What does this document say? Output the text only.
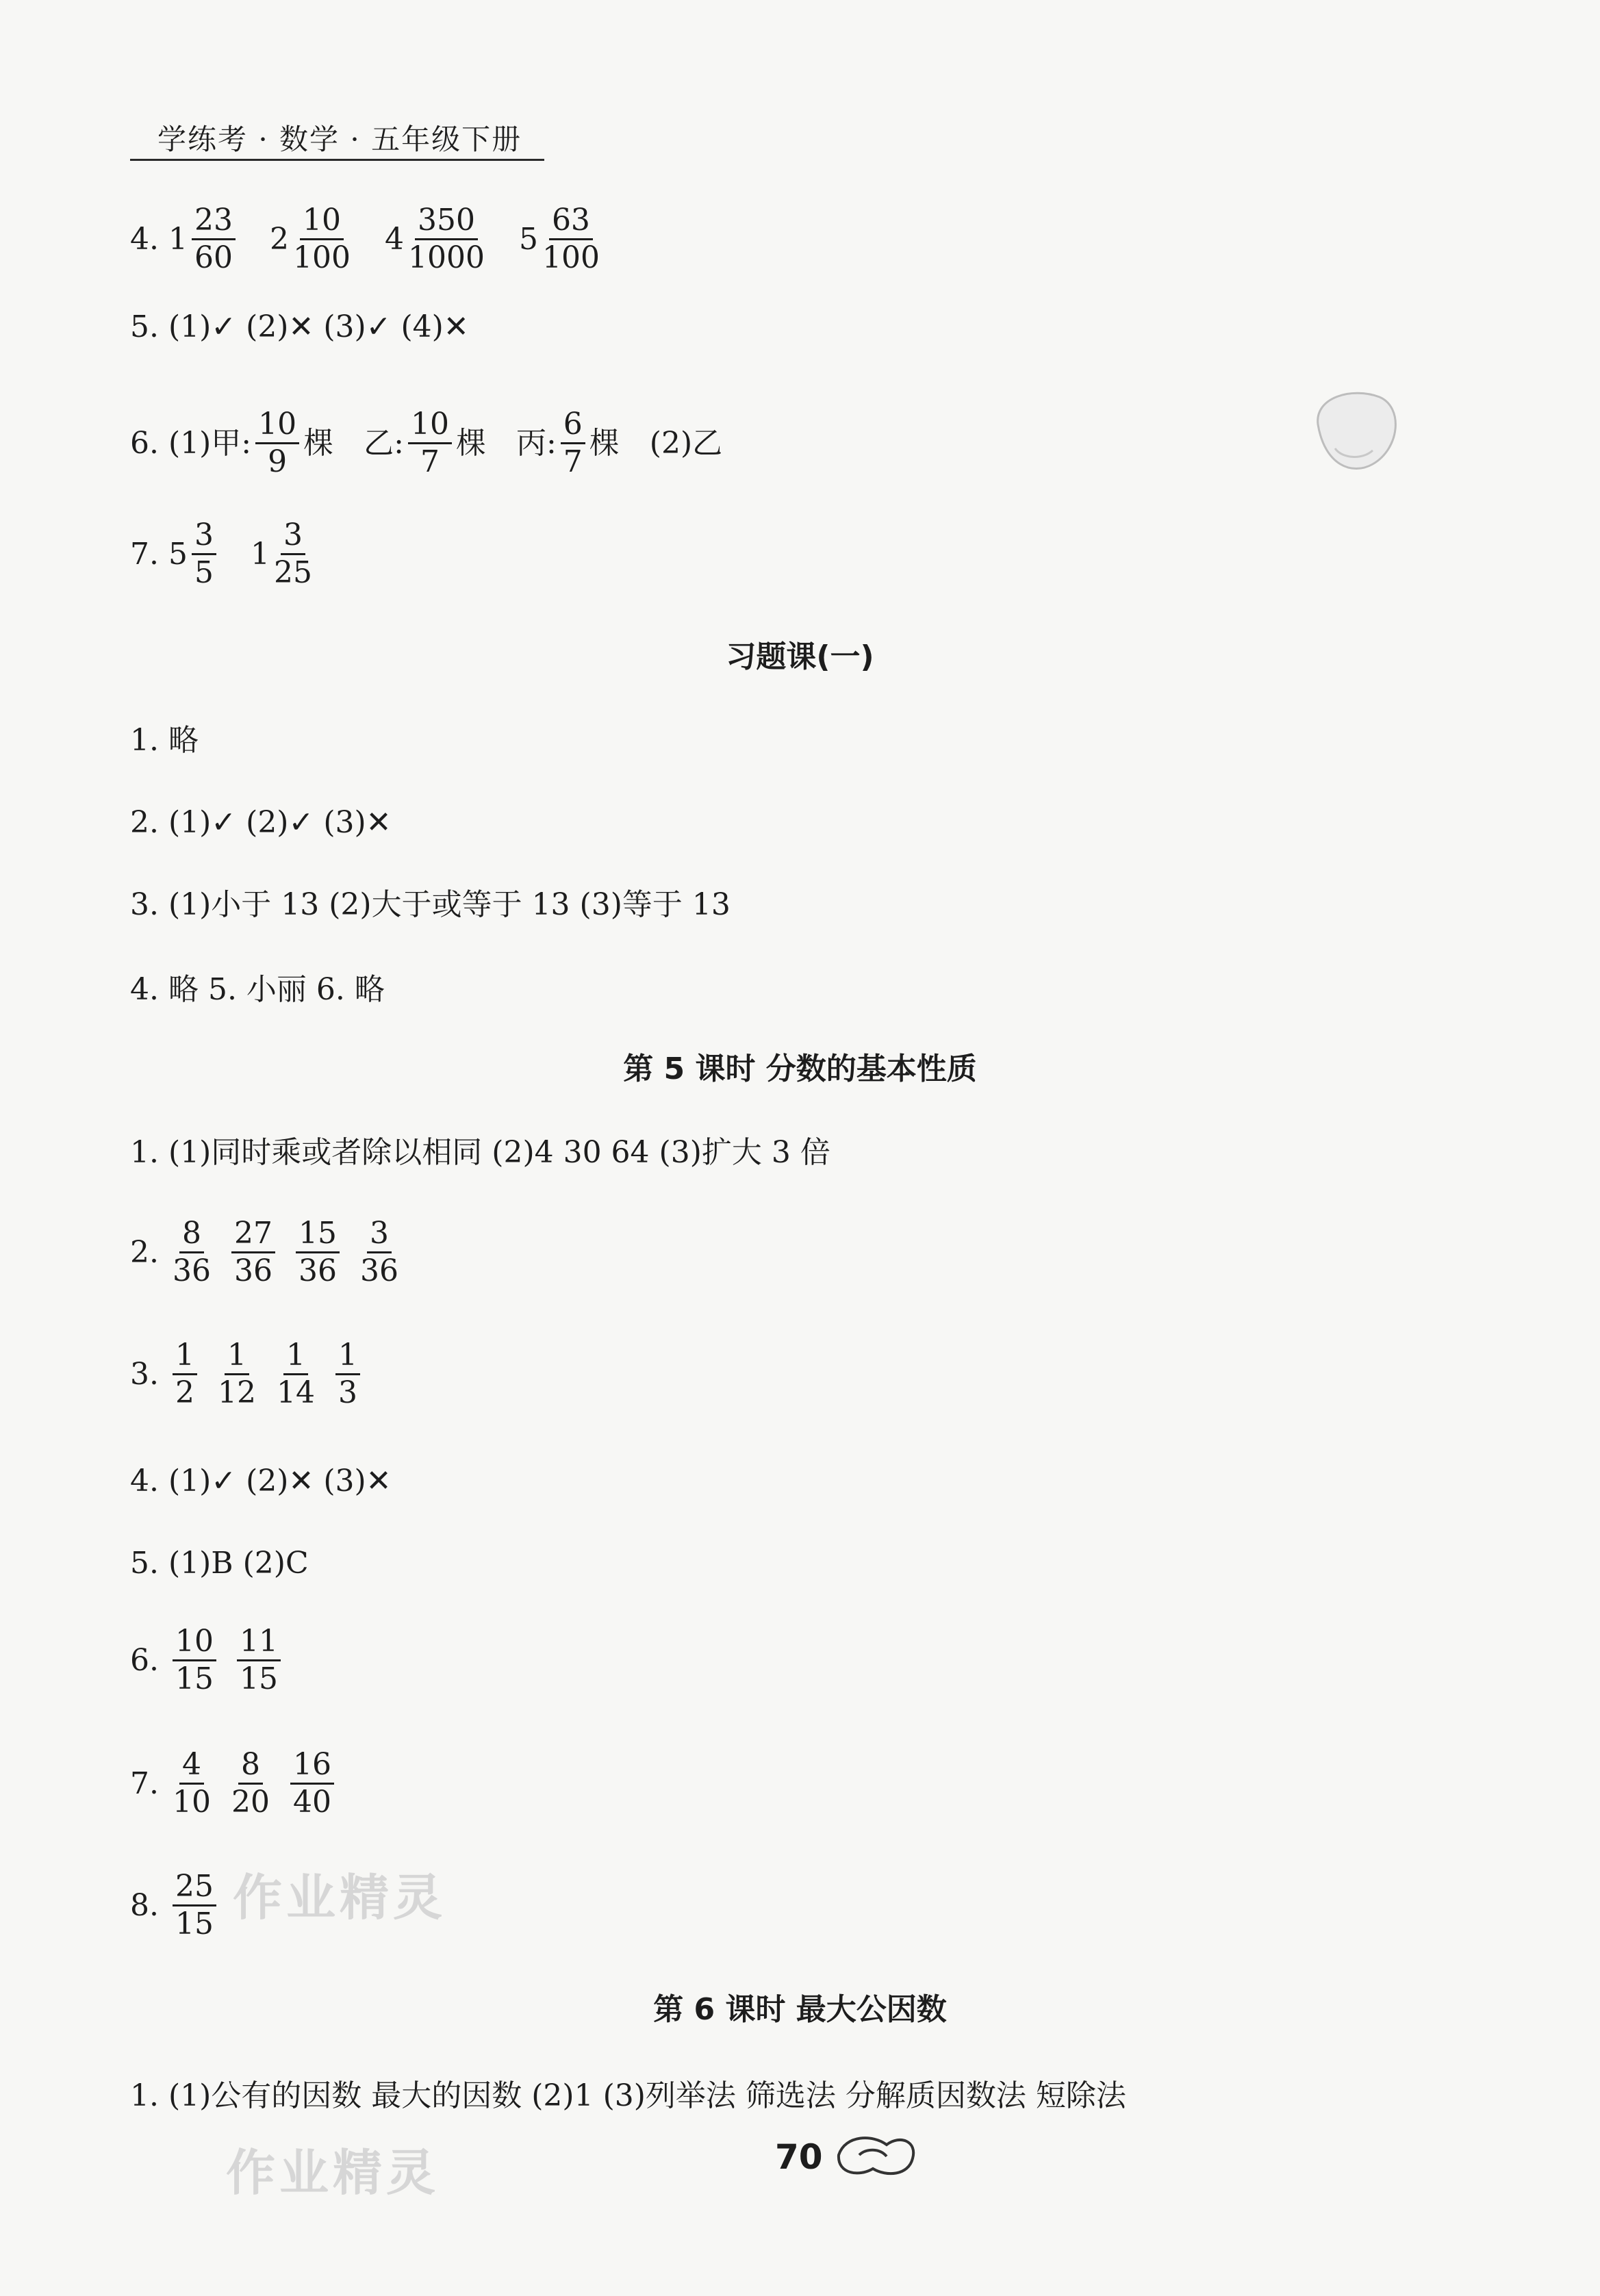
学练考 · 数学 · 五年级下册
4. $1 \frac{23}{60} 2 \frac{10}{100} 4 \frac{350}{1000} 5 \frac{63}{100}$
5. (1)✓ (2)✕ (3)✓ (4)✕
6. (1)甲: $\frac{10}{9}$ 棵 乙: $\frac{10}{7}$ 棵 丙: $\frac{6}{7}$ 棵 (2)乙
7. $5 \frac{3}{5} 1 \frac{3}{25}$
习题课(一)
1. 略
2. (1)✓ (2)✓ (3)✕
3. (1)小于 13 (2)大于或等于 13 (3)等于 13
4. 略 5. 小丽 6. 略
第 5 课时 分数的基本性质
1. (1)同时乘或者除以相同 (2)4 30 64 (3)扩大 3 倍
2. $\frac{8}{36} \frac{27}{36} \frac{15}{36} \frac{3}{36}$
3. $\frac{1}{2} \frac{1}{12} \frac{1}{14} \frac{1}{3}$
4. (1)✓ (2)✕ (3)✕
5. (1)B (2)C
6. $\frac{10}{15} \frac{11}{15}$
7. $\frac{4}{10} \frac{8}{20} \frac{16}{40}$
8. $\frac{25}{15}$ 作业精灵
第 6 课时 最大公因数
1. (1)公有的因数 最大的因数 (2)1 (3)列举法 筛选法 分解质因数法 短除法
作业精灵	70
